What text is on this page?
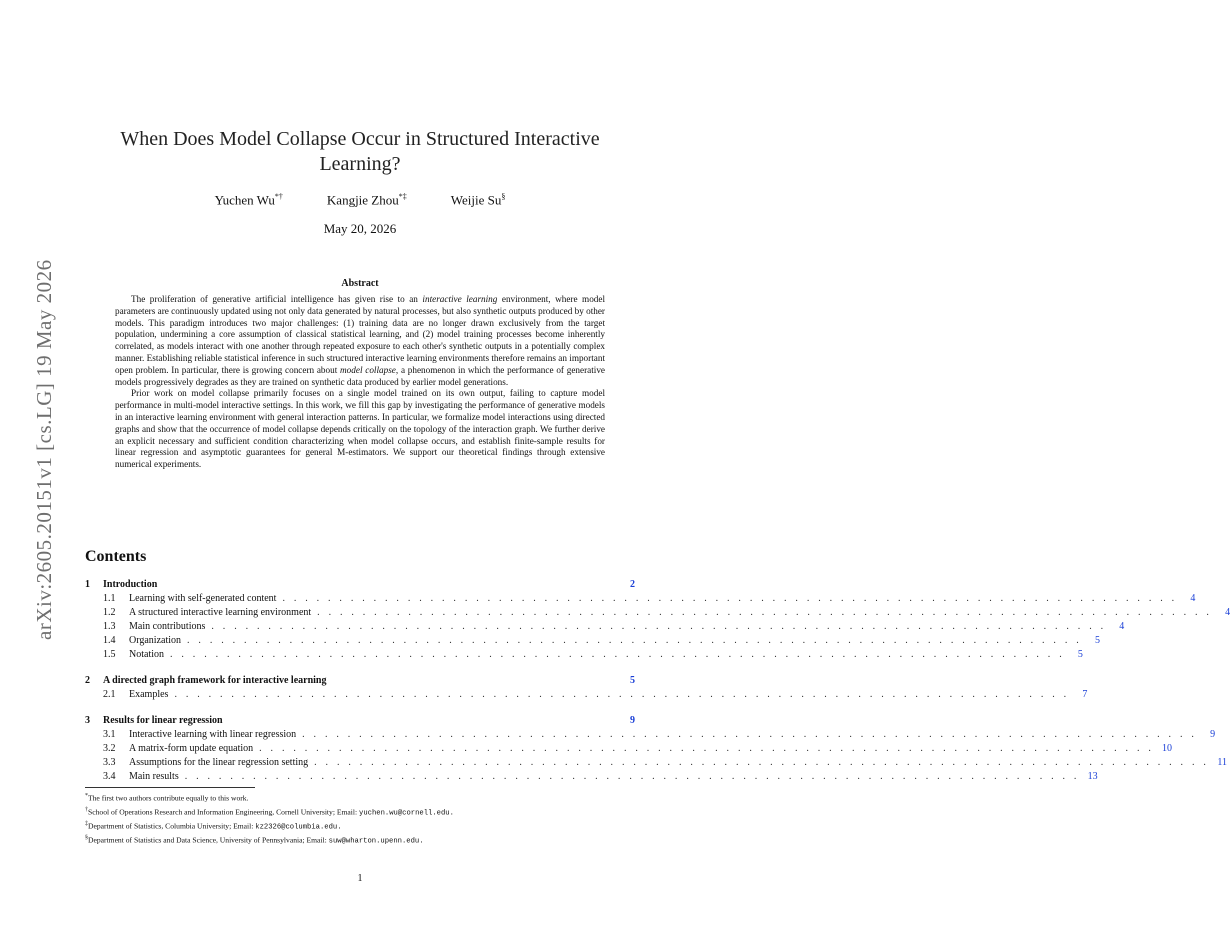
arXiv:2605.20151v1 [cs.LG] 19 May 2026
When Does Model Collapse Occur in Structured Interactive Learning?
Yuchen Wu*†	Kangjie Zhou*‡	Weijie Su§
May 20, 2026
Abstract

The proliferation of generative artificial intelligence has given rise to an interactive learning environment, where model parameters are continuously updated using not only data generated by natural processes, but also synthetic outputs produced by other models. This paradigm introduces two major challenges: (1) training data are no longer drawn exclusively from the target population, undermining a core assumption of classical statistical learning, and (2) model training processes become inherently correlated, as models interact with one another through repeated exposure to each other's synthetic outputs in a potentially complex manner. Establishing reliable statistical inference in such structured interactive learning environments therefore remains an important open problem. In particular, there is growing concern about model collapse, a phenomenon in which the performance of generative models progressively degrades as they are trained on synthetic data produced by earlier model generations.

Prior work on model collapse primarily focuses on a single model trained on its own output, failing to capture model performance in multi-model interactive settings. In this work, we fill this gap by investigating the performance of generative models in an interactive learning environment with general interaction patterns. In particular, we formalize model interactions using directed graphs and show that the occurrence of model collapse depends critically on the topology of the interaction graph. We further derive an explicit necessary and sufficient condition characterizing when model collapse occurs, and establish finite-sample results for linear regression and asymptotic guarantees for general M-estimators. We support our theoretical findings through extensive numerical experiments.

Contents
1	Introduction	2
1.1	Learning with self-generated content . . . . . . . . . . . . . . . . . . . . . . . . . . . . . . . . . . . . . . . . . . . . . . . . . . . . . . . . . . . . . . . . . . . . . . . . . . . . . . .	4
1.2	A structured interactive learning environment . . . . . . . . . . . . . . . . . . . . . . . . . . . . . . . . . . . . . . . . . . . . . . . . . . . . . . . . . . . . . . . . . . . . . . . . . . . . . . .	4
1.3	Main contributions . . . . . . . . . . . . . . . . . . . . . . . . . . . . . . . . . . . . . . . . . . . . . . . . . . . . . . . . . . . . . . . . . . . . . . . . . . . . . . .	4
1.4	Organization . . . . . . . . . . . . . . . . . . . . . . . . . . . . . . . . . . . . . . . . . . . . . . . . . . . . . . . . . . . . . . . . . . . . . . . . . . . . . . .	5
1.5	Notation . . . . . . . . . . . . . . . . . . . . . . . . . . . . . . . . . . . . . . . . . . . . . . . . . . . . . . . . . . . . . . . . . . . . . . . . . . . . . . .	5
2	A directed graph framework for interactive learning	5
2.1	Examples . . . . . . . . . . . . . . . . . . . . . . . . . . . . . . . . . . . . . . . . . . . . . . . . . . . . . . . . . . . . . . . . . . . . . . . . . . . . . . .	7
3	Results for linear regression	9
3.1	Interactive learning with linear regression . . . . . . . . . . . . . . . . . . . . . . . . . . . . . . . . . . . . . . . . . . . . . . . . . . . . . . . . . . . . . . . . . . . . . . . . . . . . . . .	9
3.2	A matrix-form update equation . . . . . . . . . . . . . . . . . . . . . . . . . . . . . . . . . . . . . . . . . . . . . . . . . . . . . . . . . . . . . . . . . . . . . . . . . . . . . . . 10
3.3	Assumptions for the linear regression setting . . . . . . . . . . . . . . . . . . . . . . . . . . . . . . . . . . . . . . . . . . . . . . . . . . . . . . . . . . . . . . . . . . . . . . . . . . . . . . . 11
3.4	Main results . . . . . . . . . . . . . . . . . . . . . . . . . . . . . . . . . . . . . . . . . . . . . . . . . . . . . . . . . . . . . . . . . . . . . . . . . . . . . . . 13
*The first two authors contribute equally to this work.
†School of Operations Research and Information Engineering, Cornell University; Email: yuchen.wu@cornell.edu.
‡Department of Statistics, Columbia University; Email: kz2326@columbia.edu.
§Department of Statistics and Data Science, University of Pennsylvania; Email: suw@wharton.upenn.edu.
1
